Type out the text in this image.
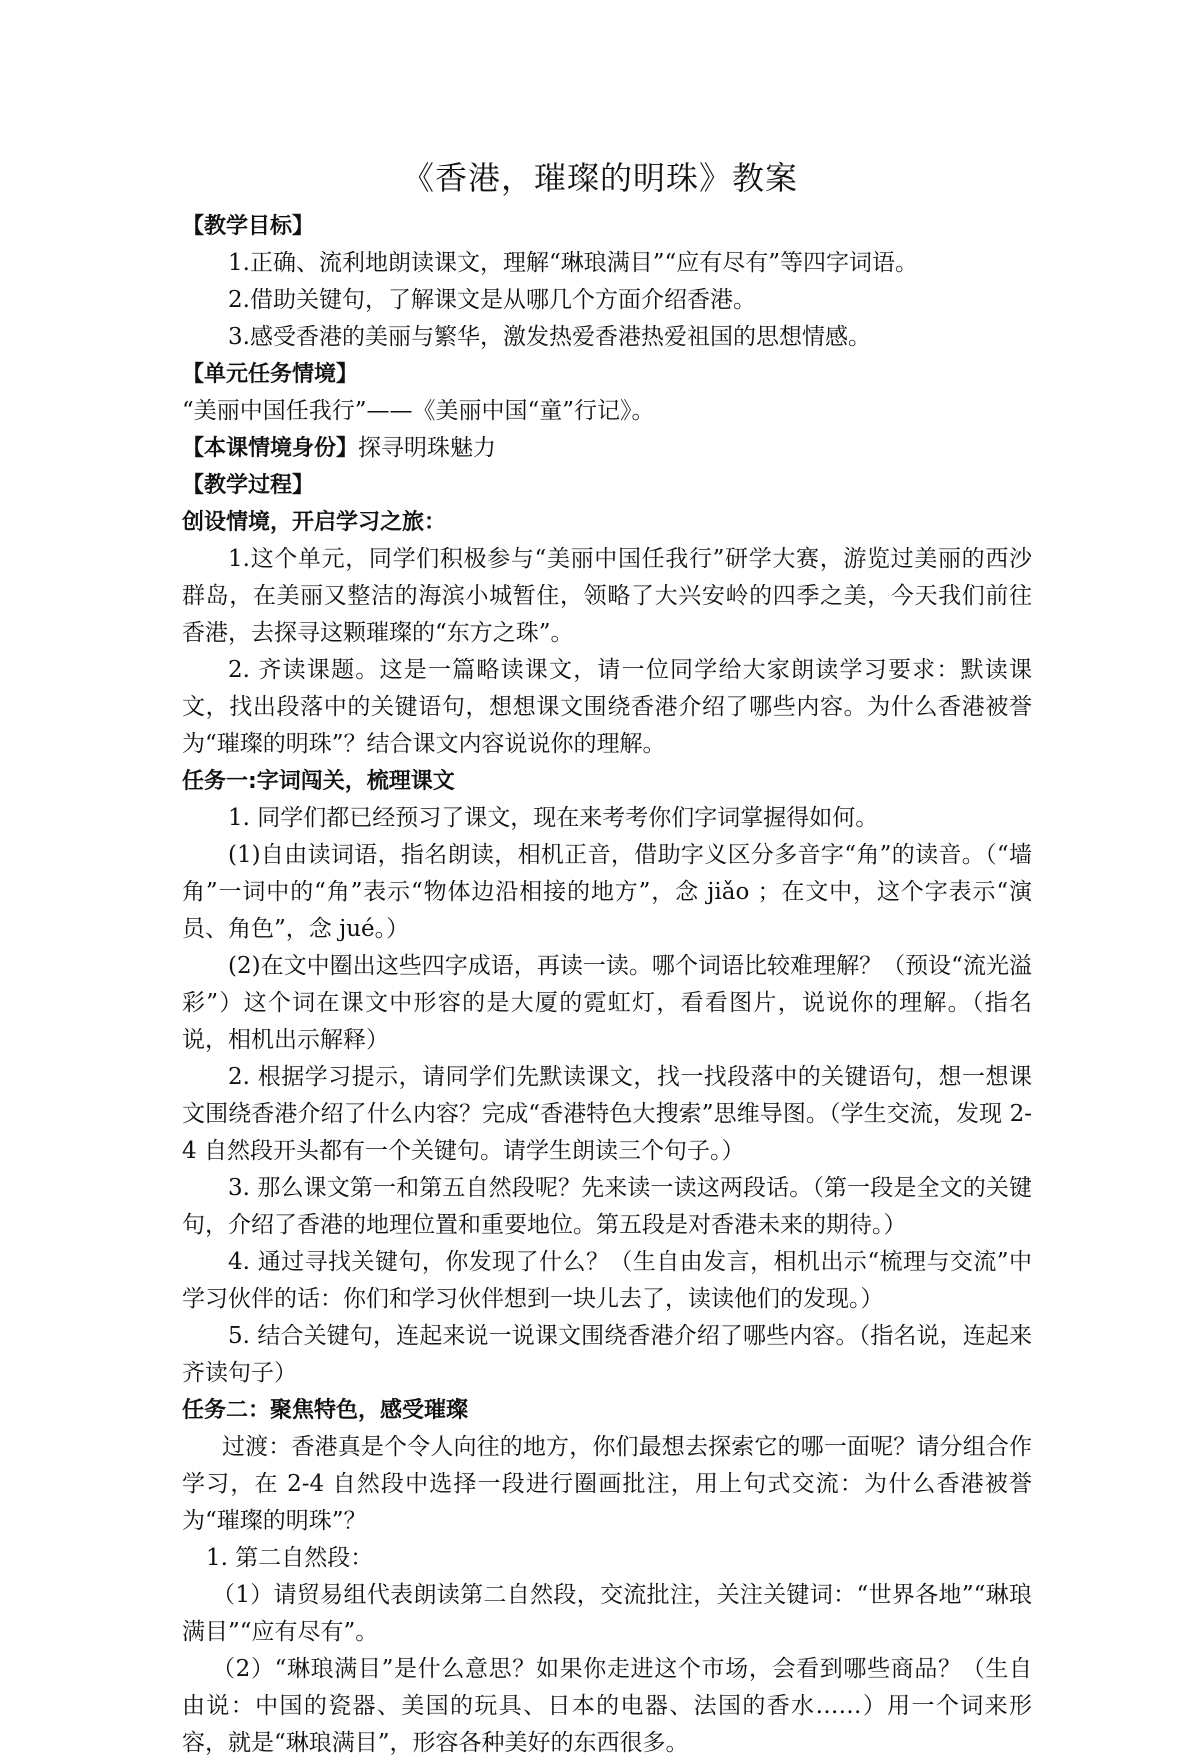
《香港，璀璨的明珠》教案

【教学目标】

1.正确、流利地朗读课文，理解“琳琅满目”“应有尽有”等四字词语。

2.借助关键句，了解课文是从哪几个方面介绍香港。

3.感受香港的美丽与繁华，激发热爱香港热爱祖国的思想情感。

【单元任务情境】

“美丽中国任我行”——《美丽中国“童”行记》。

【本课情境身份】探寻明珠魅力

【教学过程】

创设情境，开启学习之旅：

1.这个单元，同学们积极参与“美丽中国任我行”研学大赛，游览过美丽的西沙群岛，在美丽又整洁的海滨小城暂住，领略了大兴安岭的四季之美，今天我们前往香港，去探寻这颗璀璨的“东方之珠”。

2. 齐读课题。这是一篇略读课文，请一位同学给大家朗读学习要求：默读课文，找出段落中的关键语句，想想课文围绕香港介绍了哪些内容。为什么香港被誉为“璀璨的明珠”？结合课文内容说说你的理解。

任务一:字词闯关，梳理课文

1. 同学们都已经预习了课文，现在来考考你们字词掌握得如何。

(1)自由读词语，指名朗读，相机正音，借助字义区分多音字“角”的读音。（“墙角”一词中的“角”表示“物体边沿相接的地方”，念 jiǎo ；在文中，这个字表示“演员、角色”，念 jué。）

(2)在文中圈出这些四字成语，再读一读。哪个词语比较难理解？（预设“流光溢彩”）这个词在课文中形容的是大厦的霓虹灯，看看图片，说说你的理解。（指名说，相机出示解释）

2. 根据学习提示，请同学们先默读课文，找一找段落中的关键语句，想一想课文围绕香港介绍了什么内容？完成“香港特色大搜索”思维导图。（学生交流，发现 2-4 自然段开头都有一个关键句。请学生朗读三个句子。）

3. 那么课文第一和第五自然段呢？先来读一读这两段话。（第一段是全文的关键句，介绍了香港的地理位置和重要地位。第五段是对香港未来的期待。）

4. 通过寻找关键句，你发现了什么？（生自由发言，相机出示“梳理与交流”中学习伙伴的话：你们和学习伙伴想到一块儿去了，读读他们的发现。）

5. 结合关键句，连起来说一说课文围绕香港介绍了哪些内容。（指名说，连起来齐读句子）

任务二：聚焦特色，感受璀璨

过渡：香港真是个令人向往的地方，你们最想去探索它的哪一面呢？请分组合作学习，在 2-4 自然段中选择一段进行圈画批注，用上句式交流：为什么香港被誉为“璀璨的明珠”？

1. 第二自然段：

（1）请贸易组代表朗读第二自然段，交流批注，关注关键词：“世界各地”“琳琅满目”“应有尽有”。

（2）“琳琅满目”是什么意思？如果你走进这个市场，会看到哪些商品？（生自由说：中国的瓷器、美国的玩具、日本的电器、法国的香水……）用一个词来形容，就是“琳琅满目”，形容各种美好的东西很多。
